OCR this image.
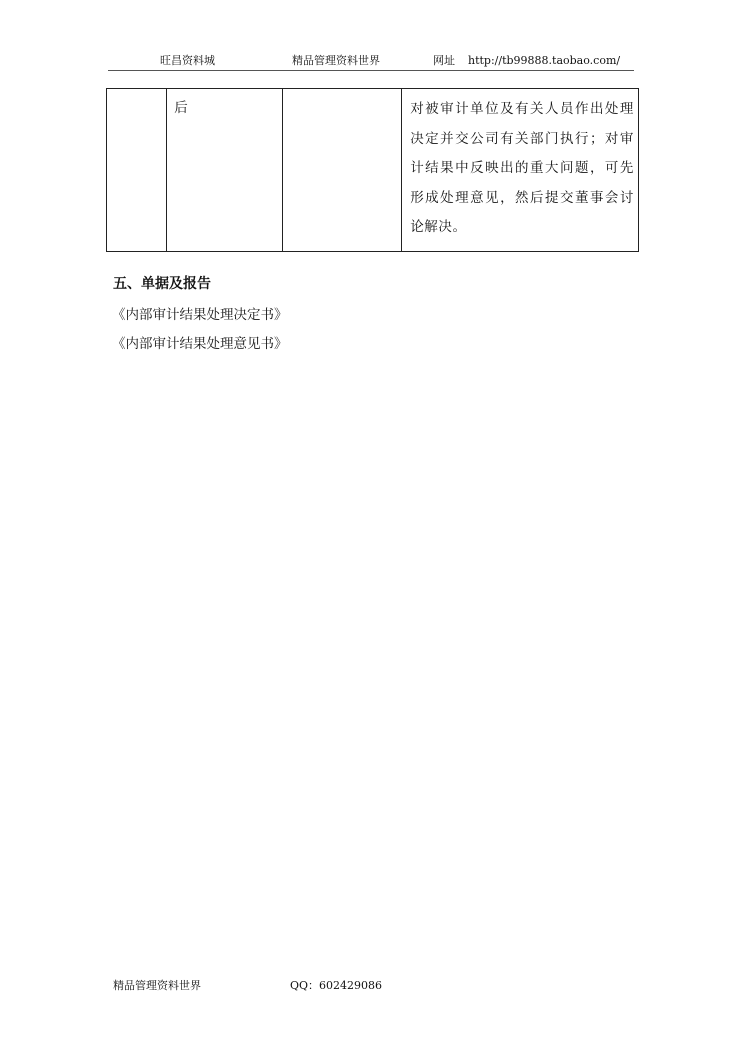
旺昌资料城	精品管理资料世界	网址 http://tb99888.taobao.com/
	后		对被审计单位及有关人员作出处理决定并交公司有关部门执行；对审计结果中反映出的重大问题，可先形成处理意见，然后提交董事会讨论解决。
五、单据及报告
《内部审计结果处理决定书》
《内部审计结果处理意见书》
精品管理资料世界	QQ：602429086
